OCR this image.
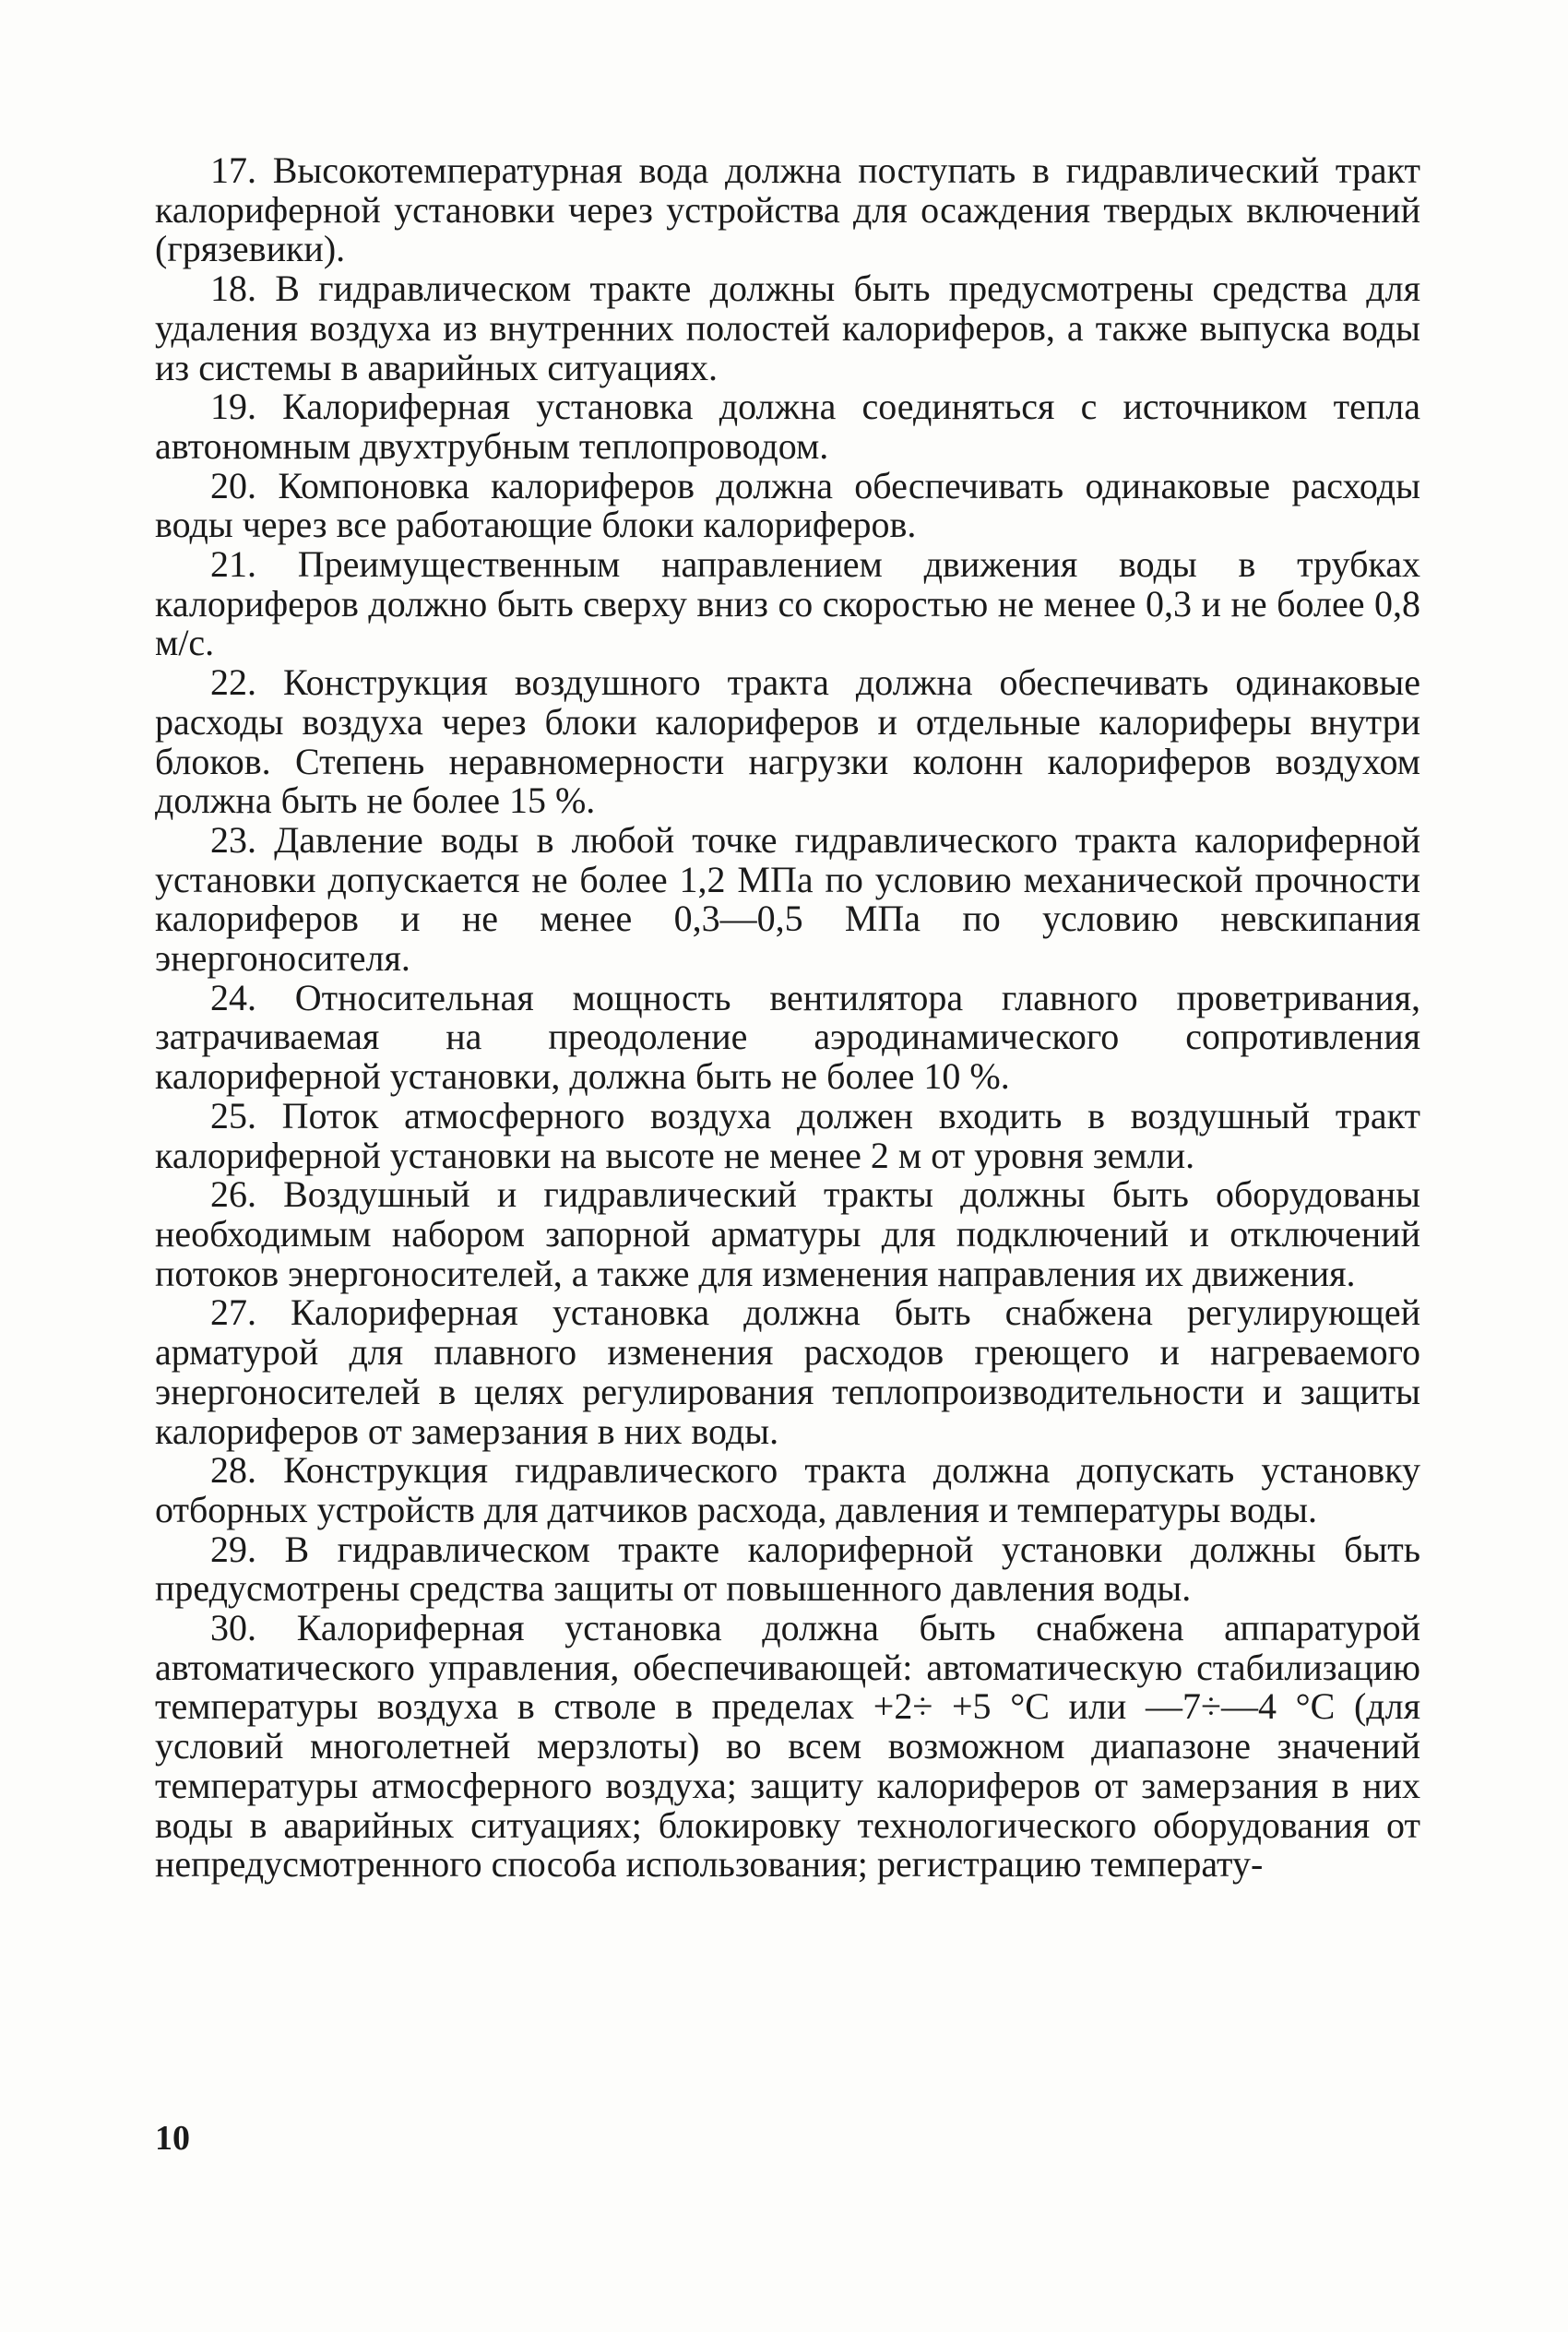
17. Высокотемпературная вода должна поступать в гидравлический тракт калориферной установки через устройства для осаждения твердых включений (грязевики).

18. В гидравлическом тракте должны быть предусмотрены средства для удаления воздуха из внутренних полостей калориферов, а также выпуска воды из системы в аварийных ситуациях.

19. Калориферная установка должна соединяться с источником тепла автономным двухтрубным теплопроводом.

20. Компоновка калориферов должна обеспечивать одинаковые расходы воды через все работающие блоки калориферов.

21. Преимущественным направлением движения воды в трубках калориферов должно быть сверху вниз со скоростью не менее 0,3 и не более 0,8 м/с.

22. Конструкция воздушного тракта должна обеспечивать одинаковые расходы воздуха через блоки калориферов и отдельные калориферы внутри блоков. Степень неравномерности нагрузки колонн калориферов воздухом должна быть не более 15 %.

23. Давление воды в любой точке гидравлического тракта калориферной установки допускается не более 1,2 МПа по условию механической прочности калориферов и не менее 0,3—0,5 МПа по условию невскипания энергоносителя.

24. Относительная мощность вентилятора главного проветривания, затрачиваемая на преодоление аэродинамического сопротивления калориферной установки, должна быть не более 10 %.

25. Поток атмосферного воздуха должен входить в воздушный тракт калориферной установки на высоте не менее 2 м от уровня земли.

26. Воздушный и гидравлический тракты должны быть оборудованы необходимым набором запорной арматуры для подключений и отключений потоков энергоносителей, а также для изменения направления их движения.

27. Калориферная установка должна быть снабжена регулирующей арматурой для плавного изменения расходов греющего и нагреваемого энергоносителей в целях регулирования теплопроизводительности и защиты калориферов от замерзания в них воды.

28. Конструкция гидравлического тракта должна допускать установку отборных устройств для датчиков расхода, давления и температуры воды.

29. В гидравлическом тракте калориферной установки должны быть предусмотрены средства защиты от повышенного давления воды.

30. Калориферная установка должна быть снабжена аппаратурой автоматического управления, обеспечивающей: автоматическую стабилизацию температуры воздуха в стволе в пределах +2÷ +5 °С или —7÷—4 °С (для условий многолетней мерзлоты) во всем возможном диапазоне значений температуры атмосферного воздуха; защиту калориферов от замерзания в них воды в аварийных ситуациях; блокировку технологического оборудования от непредусмотренного способа использования; регистрацию температу-

10
